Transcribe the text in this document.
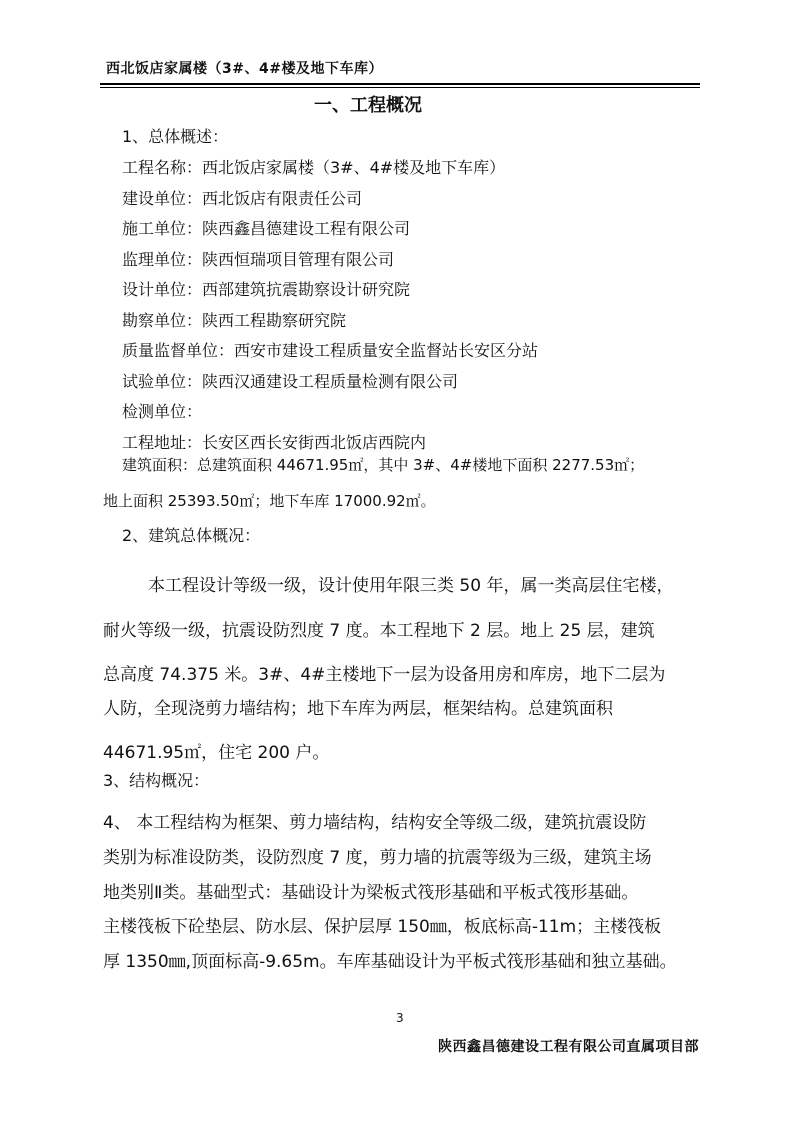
西北饭店家属楼（3#、4#楼及地下车库）
一、工程概况
1、总体概述：
工程名称：西北饭店家属楼（3#、4#楼及地下车库）
建设单位：西北饭店有限责任公司
施工单位：陕西鑫昌德建设工程有限公司
监理单位：陕西恒瑞项目管理有限公司
设计单位：西部建筑抗震勘察设计研究院
勘察单位：陕西工程勘察研究院
质量监督单位：西安市建设工程质量安全监督站长安区分站
试验单位：陕西汉通建设工程质量检测有限公司
检测单位：
工程地址：长安区西长安街西北饭店西院内
建筑面积：总建筑面积 44671.95㎡，其中 3#、4#楼地下面积 2277.53㎡；
地上面积 25393.50㎡；地下车库 17000.92㎡。
2、建筑总体概况：
本工程设计等级一级，设计使用年限三类 50 年，属一类高层住宅楼，
耐火等级一级，抗震设防烈度 7 度。本工程地下 2 层。地上 25 层，建筑
总高度 74.375 米。3#、4#主楼地下一层为设备用房和库房，地下二层为
人防，全现浇剪力墙结构；地下车库为两层，框架结构。总建筑面积
44671.95㎡，住宅 200 户。
3、结构概况：
4、 本工程结构为框架、剪力墙结构，结构安全等级二级，建筑抗震设防
类别为标准设防类，设防烈度 7 度，剪力墙的抗震等级为三级，建筑主场
地类别Ⅱ类。基础型式：基础设计为梁板式筏形基础和平板式筏形基础。
主楼筏板下砼垫层、防水层、保护层厚 150㎜，板底标高-11m；主楼筏板
厚 1350㎜,顶面标高-9.65m。车库基础设计为平板式筏形基础和独立基础。
3
陕西鑫昌德建设工程有限公司直属项目部
